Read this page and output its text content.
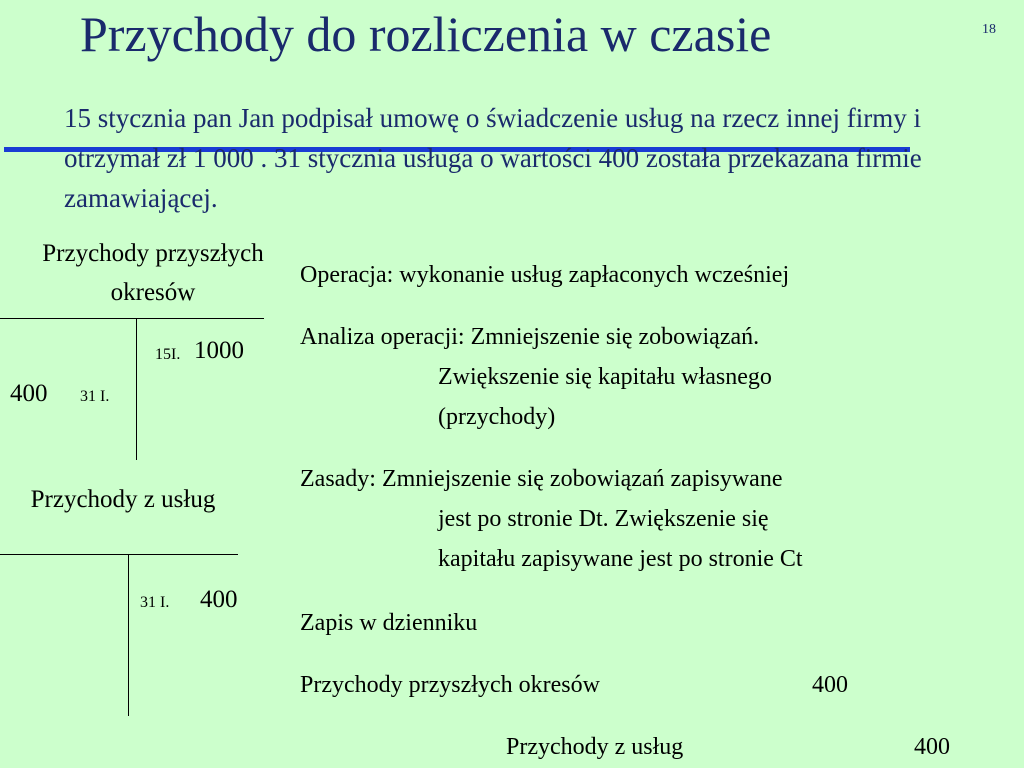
Przychody do rozliczenia w czasie	18
15 stycznia pan Jan podpisał umowę o świadczenie usług na rzecz innej firmy i otrzymał zł 1 000 . 31 stycznia usługa o wartości 400 została przekazana firmie zamawiającej.
Przychody przyszłych okresów
400 31 I.
15I. 1000
Przychody z usług
31 I. 400
Operacja: wykonanie usług zapłaconych wcześniej
Analiza operacji: Zmniejszenie się zobowiązań.
Zwiększenie się kapitału własnego
(przychody)
Zasady: Zmniejszenie się zobowiązań zapisywane
jest po stronie Dt. Zwiększenie się
kapitału zapisywane jest po stronie Ct
Zapis w dzienniku
Przychody przyszłych okresów	400
Przychody z usług	400
